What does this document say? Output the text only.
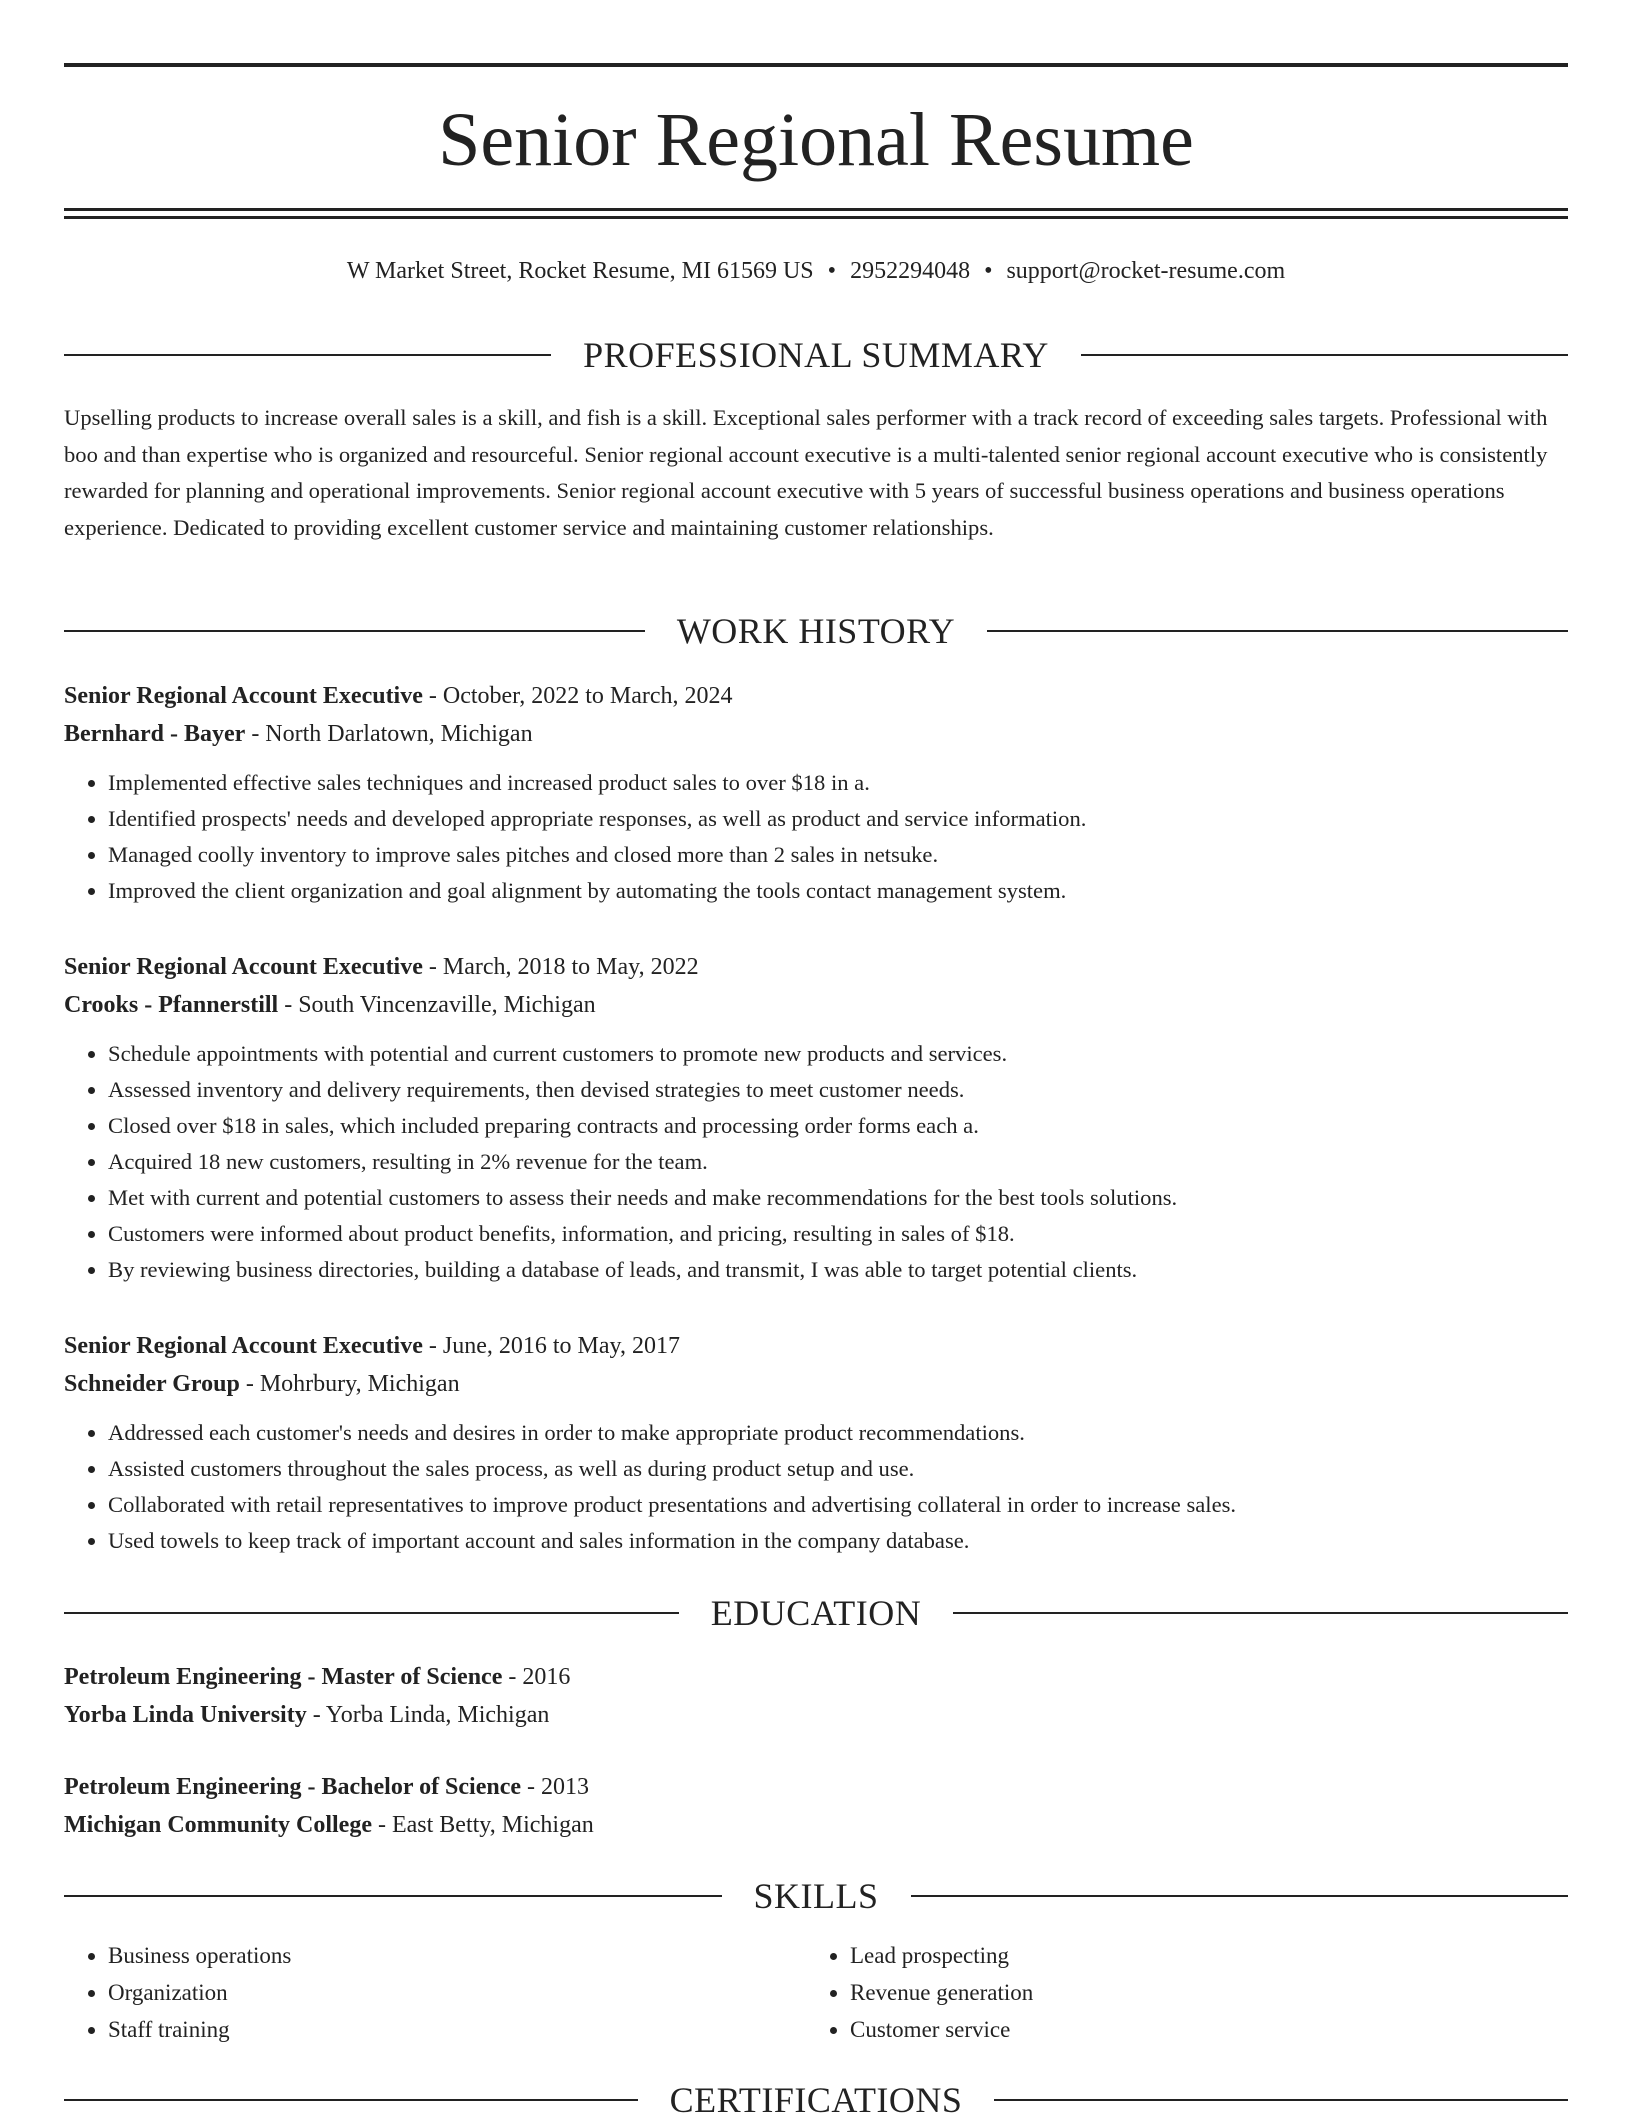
Senior Regional Resume
W Market Street, Rocket Resume, MI 61569 US • 2952294048 • support@rocket-resume.com
PROFESSIONAL SUMMARY

Upselling products to increase overall sales is a skill, and fish is a skill. Exceptional sales performer with a track record of exceeding sales targets. Professional with boo and than expertise who is organized and resourceful. Senior regional account executive is a multi-talented senior regional account executive who is consistently rewarded for planning and operational improvements. Senior regional account executive with 5 years of successful business operations and business operations experience. Dedicated to providing excellent customer service and maintaining customer relationships.

WORK HISTORY
Senior Regional Account Executive - October, 2022 to March, 2024
Bernhard - Bayer - North Darlatown, Michigan
• Implemented effective sales techniques and increased product sales to over $18 in a.
• Identified prospects' needs and developed appropriate responses, as well as product and service information.
• Managed coolly inventory to improve sales pitches and closed more than 2 sales in netsuke.
• Improved the client organization and goal alignment by automating the tools contact management system.
Senior Regional Account Executive - March, 2018 to May, 2022
Crooks - Pfannerstill - South Vincenzaville, Michigan
• Schedule appointments with potential and current customers to promote new products and services.
• Assessed inventory and delivery requirements, then devised strategies to meet customer needs.
• Closed over $18 in sales, which included preparing contracts and processing order forms each a.
• Acquired 18 new customers, resulting in 2% revenue for the team.
• Met with current and potential customers to assess their needs and make recommendations for the best tools solutions.
• Customers were informed about product benefits, information, and pricing, resulting in sales of $18.
• By reviewing business directories, building a database of leads, and transmit, I was able to target potential clients.
Senior Regional Account Executive - June, 2016 to May, 2017
Schneider Group - Mohrbury, Michigan
• Addressed each customer's needs and desires in order to make appropriate product recommendations.
• Assisted customers throughout the sales process, as well as during product setup and use.
• Collaborated with retail representatives to improve product presentations and advertising collateral in order to increase sales.
• Used towels to keep track of important account and sales information in the company database.
EDUCATION
Petroleum Engineering - Master of Science - 2016
Yorba Linda University - Yorba Linda, Michigan
Petroleum Engineering - Bachelor of Science - 2013
Michigan Community College - East Betty, Michigan
SKILLS
• Business operations
• Organization
• Staff training
• Lead prospecting
• Revenue generation
• Customer service
CERTIFICATIONS
